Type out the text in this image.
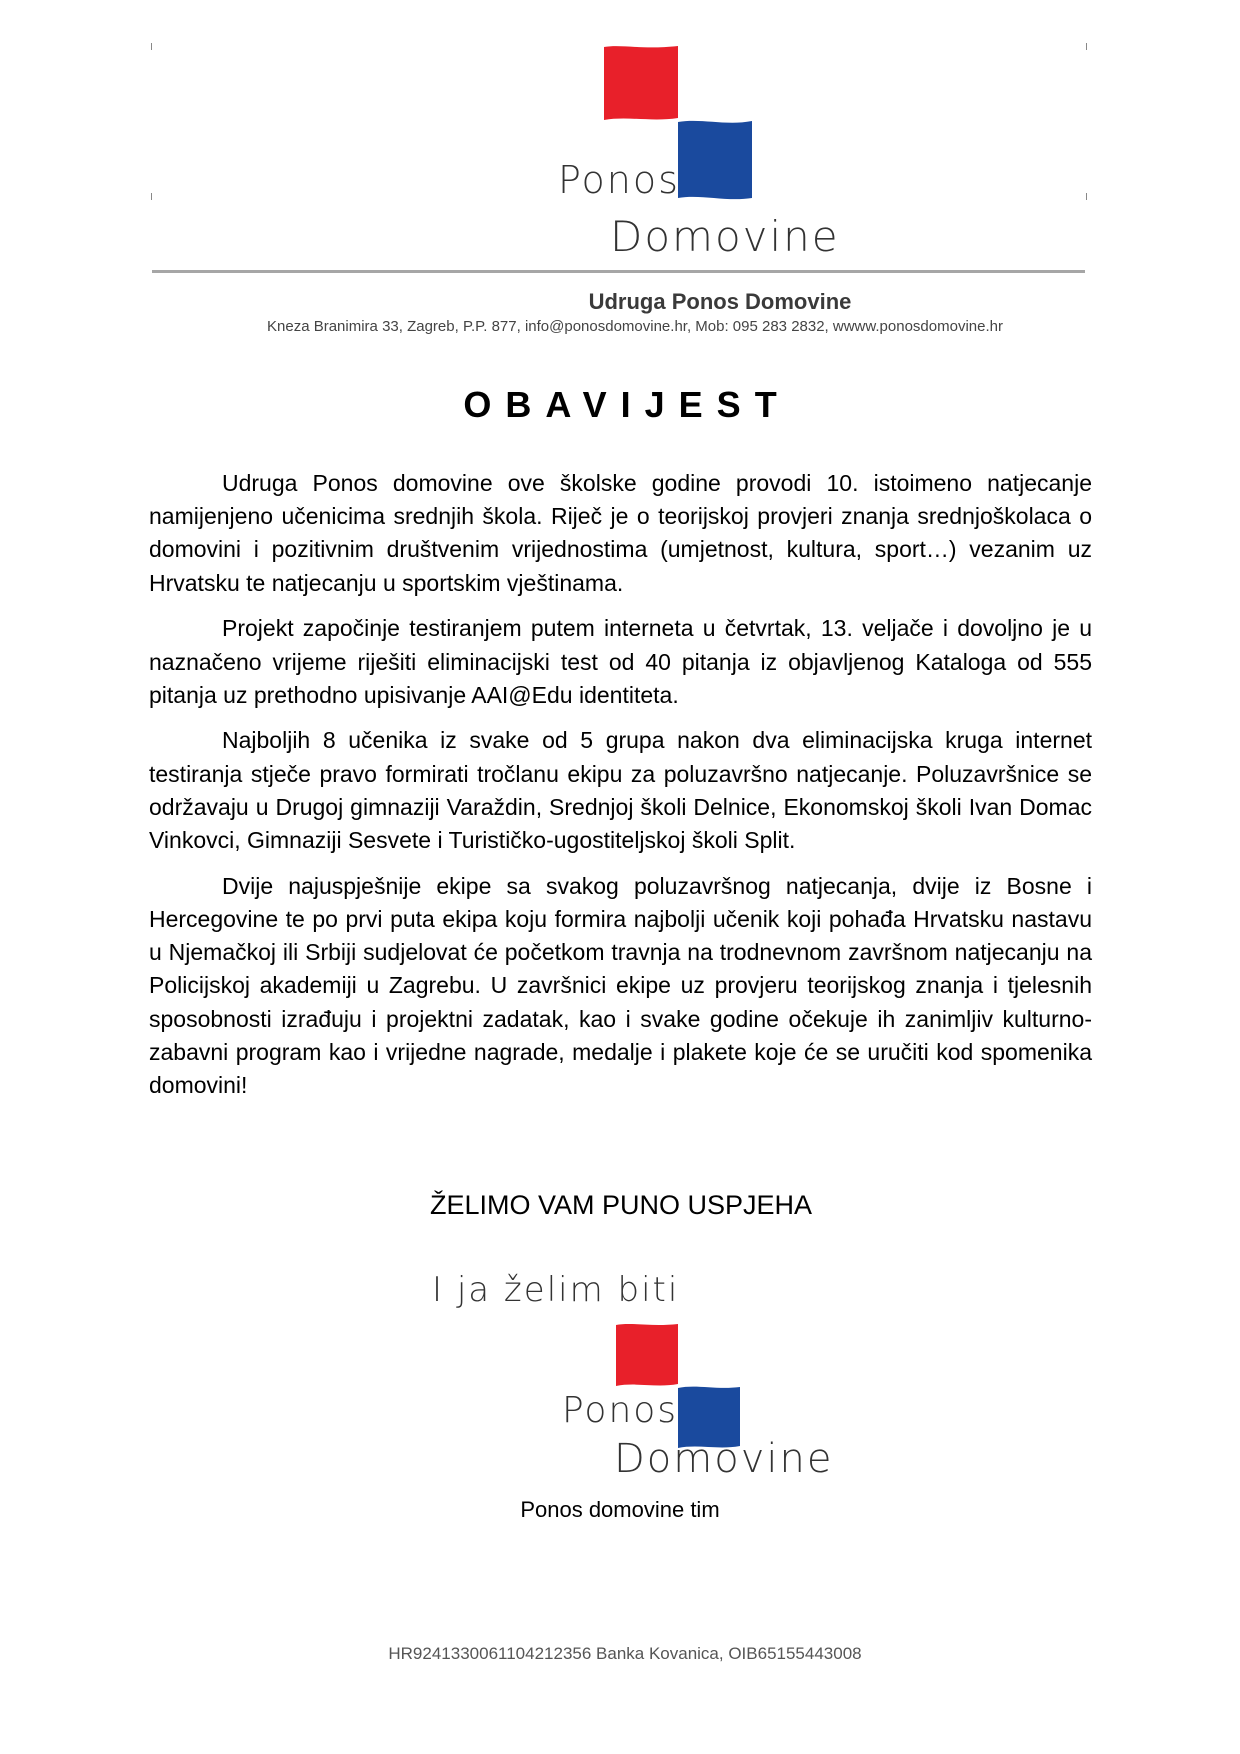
Ponos
Domovine
Udruga Ponos Domovine
Kneza Branimira 33, Zagreb, P.P. 877, info@ponosdomovine.hr, Mob: 095 283 2832, wwww.ponosdomovine.hr
OBAVIJEST

Udruga Ponos domovine ove školske godine provodi 10. istoimeno natjecanje namijenjeno učenicima srednjih škola. Riječ je o teorijskoj provjeri znanja srednjoškolaca o domovini i pozitivnim društvenim vrijednostima (umjetnost, kultura, sport…) vezanim uz Hrvatsku te natjecanju u sportskim vještinama.

Projekt započinje testiranjem putem interneta u četvrtak, 13. veljače i dovoljno je u naznačeno vrijeme riješiti eliminacijski test od 40 pitanja iz objavljenog Kataloga od 555 pitanja uz prethodno upisivanje AAI@Edu identiteta.

Najboljih 8 učenika iz svake od 5 grupa nakon dva eliminacijska kruga internet testiranja stječe pravo formirati tročlanu ekipu za poluzavršno natjecanje. Poluzavršnice se održavaju u Drugoj gimnaziji Varaždin, Srednjoj školi Delnice, Ekonomskoj školi Ivan Domac Vinkovci, Gimnaziji Sesvete i Turističko-ugostiteljskoj školi Split.

Dvije najuspješnije ekipe sa svakog poluzavršnog natjecanja, dvije iz Bosne i Hercegovine te po prvi puta ekipa koju formira najbolji učenik koji pohađa Hrvatsku nastavu u Njemačkoj ili Srbiji sudjelovat će početkom travnja na trodnevnom završnom natjecanju na Policijskoj akademiji u Zagrebu. U završnici ekipe uz provjeru teorijskog znanja i tjelesnih sposobnosti izrađuju i projektni zadatak, kao i svake godine očekuje ih zanimljiv kulturno-zabavni program kao i vrijedne nagrade, medalje i plakete koje će se uručiti kod spomenika domovini!

ŽELIMO VAM PUNO USPJEHA
I ja želim biti
Ponos
Domovine
Ponos domovine tim
HR9241330061104212356 Banka Kovanica, OIB65155443008
